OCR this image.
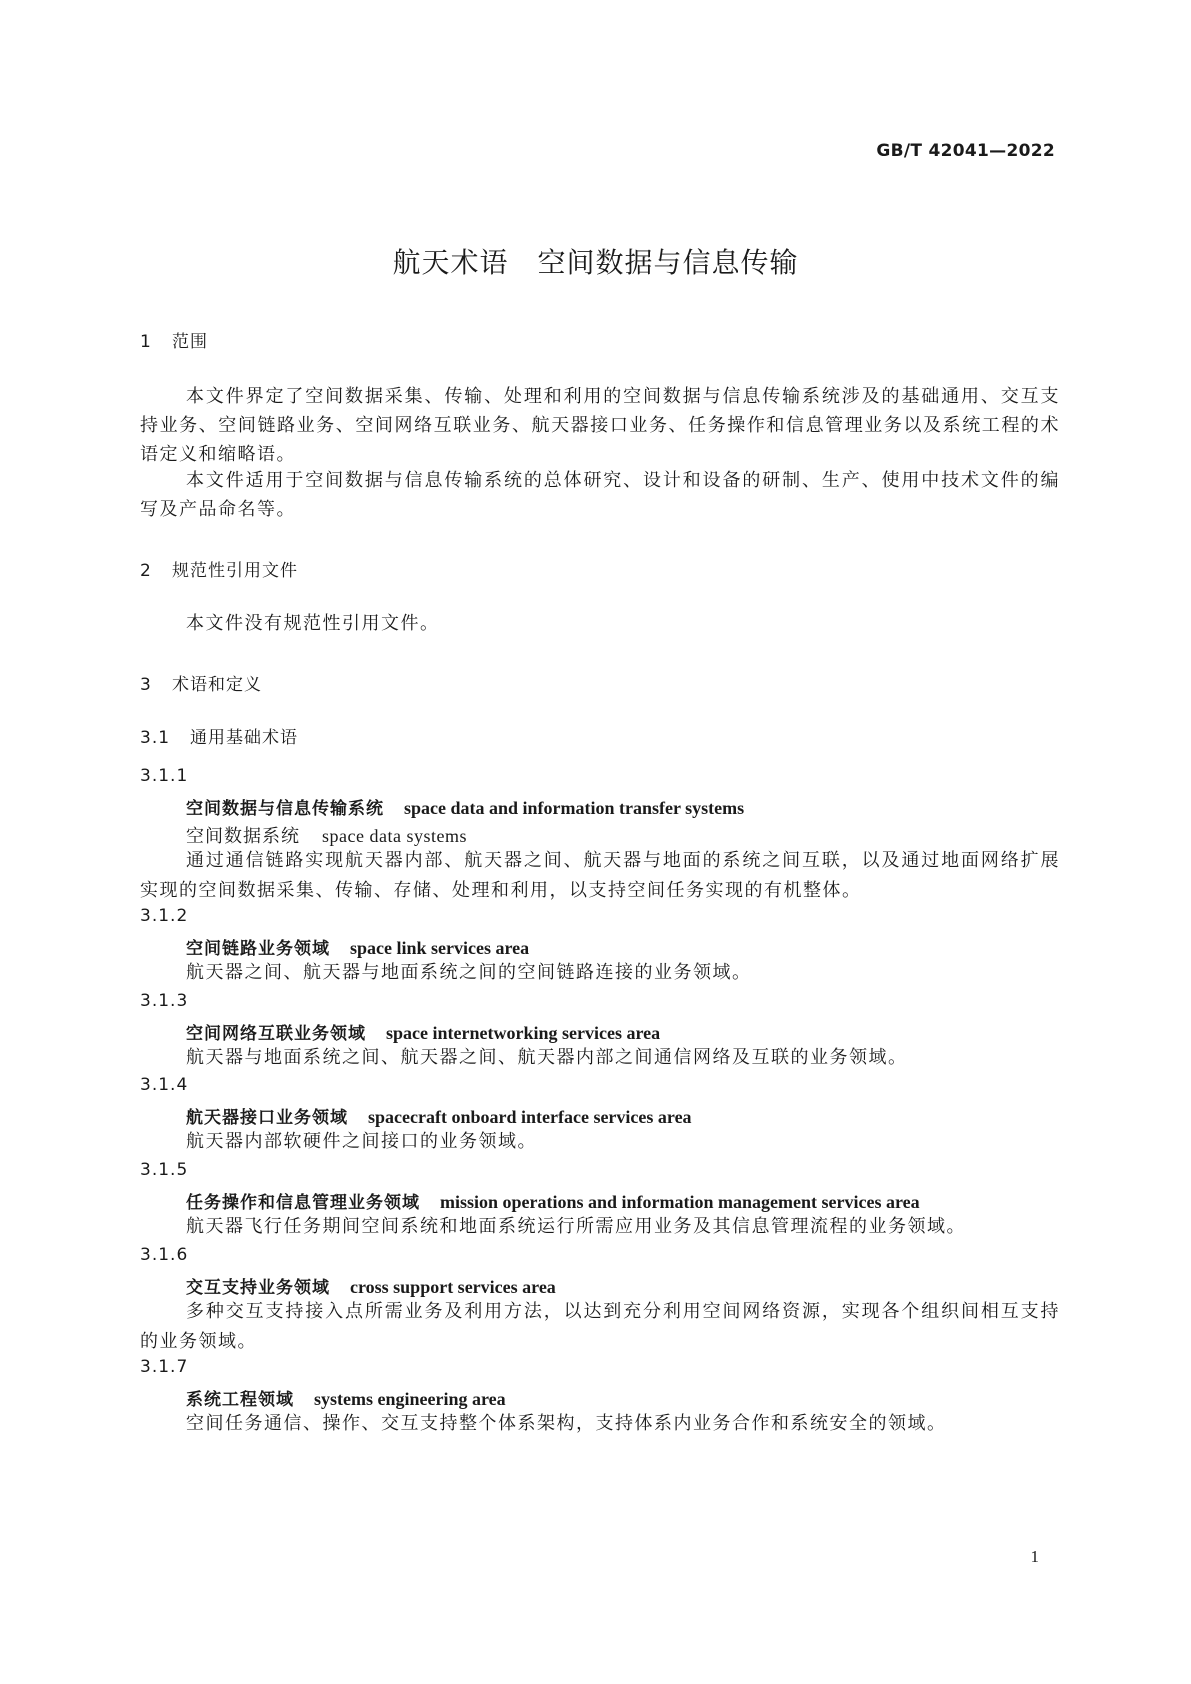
GB/T 42041—2022
航天术语　空间数据与信息传输
1 范围
本文件界定了空间数据采集、传输、处理和利用的空间数据与信息传输系统涉及的基础通用、交互支持业务、空间链路业务、空间网络互联业务、航天器接口业务、任务操作和信息管理业务以及系统工程的术语定义和缩略语。
本文件适用于空间数据与信息传输系统的总体研究、设计和设备的研制、生产、使用中技术文件的编写及产品命名等。
2 规范性引用文件
本文件没有规范性引用文件。
3 术语和定义
3.1 通用基础术语
3.1.1
空间数据与信息传输系统 space data and information transfer systems
空间数据系统 space data systems
通过通信链路实现航天器内部、航天器之间、航天器与地面的系统之间互联，以及通过地面网络扩展实现的空间数据采集、传输、存储、处理和利用，以支持空间任务实现的有机整体。
3.1.2
空间链路业务领域 space link services area
航天器之间、航天器与地面系统之间的空间链路连接的业务领域。
3.1.3
空间网络互联业务领域 space internetworking services area
航天器与地面系统之间、航天器之间、航天器内部之间通信网络及互联的业务领域。
3.1.4
航天器接口业务领域 spacecraft onboard interface services area
航天器内部软硬件之间接口的业务领域。
3.1.5
任务操作和信息管理业务领域 mission operations and information management services area
航天器飞行任务期间空间系统和地面系统运行所需应用业务及其信息管理流程的业务领域。
3.1.6
交互支持业务领域 cross support services area
多种交互支持接入点所需业务及利用方法，以达到充分利用空间网络资源，实现各个组织间相互支持的业务领域。
3.1.7
系统工程领域 systems engineering area
空间任务通信、操作、交互支持整个体系架构，支持体系内业务合作和系统安全的领域。
1
